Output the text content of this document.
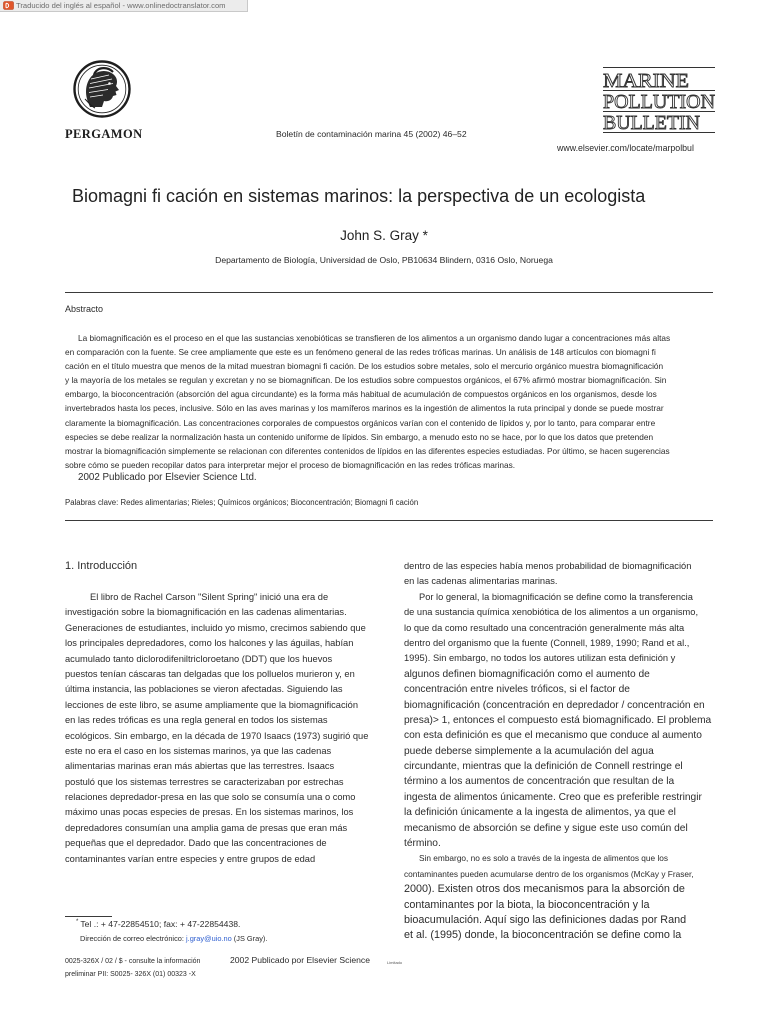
Traducido del inglés al español - www.onlinedoctranslator.com
PERGAMON	Boletín de contaminación marina 45 (2002) 46–52
MARINE
POLLUTION
BULLETIN
www.elsevier.com/locate/marpolbul
Biomagni fi cación en sistemas marinos: la perspectiva de un ecologista
John S. Gray *
Departamento de Biología, Universidad de Oslo, PB10634 Blindern, 0316 Oslo, Noruega
Abstracto
La biomagnificación es el proceso en el que las sustancias xenobióticas se transfieren de los alimentos a un organismo dando lugar a concentraciones más altas
en comparación con la fuente. Se cree ampliamente que este es un fenómeno general de las redes tróficas marinas. Un análisis de 148 artículos con biomagni fi
cación en el título muestra que menos de la mitad muestran biomagni fi cación. De los estudios sobre metales, solo el mercurio orgánico muestra biomagnificación
y la mayoría de los metales se regulan y excretan y no se biomagnifican. De los estudios sobre compuestos orgánicos, el 67% afirmó mostrar biomagnificación. Sin
embargo, la bioconcentración (absorción del agua circundante) es la forma más habitual de acumulación de compuestos orgánicos en los organismos, desde los
invertebrados hasta los peces, inclusive. Sólo en las aves marinas y los mamíferos marinos es la ingestión de alimentos la ruta principal y donde se puede mostrar
claramente la biomagnificación. Las concentraciones corporales de compuestos orgánicos varían con el contenido de lípidos y, por lo tanto, para comparar entre
especies se debe realizar la normalización hasta un contenido uniforme de lípidos. Sin embargo, a menudo esto no se hace, por lo que los datos que pretenden
mostrar la biomagnificación simplemente se relacionan con diferentes contenidos de lípidos en las diferentes especies estudiadas. Por último, se hacen sugerencias
sobre cómo se pueden recopilar datos para interpretar mejor el proceso de biomagnificación en las redes tróficas marinas.
2002 Publicado por Elsevier Science Ltd.
Palabras clave: Redes alimentarias; Rieles; Químicos orgánicos; Bioconcentración; Biomagni fi cación
1. Introducción
El libro de Rachel Carson "Silent Spring" inició una era de
investigación sobre la biomagnificación en las cadenas alimentarias.
Generaciones de estudiantes, incluido yo mismo, crecimos sabiendo que
los principales depredadores, como los halcones y las águilas, habían
acumulado tanto diclorodifeniltricloroetano (DDT) que los huevos
puestos tenían cáscaras tan delgadas que los polluelos murieron y, en
última instancia, las poblaciones se vieron afectadas. Siguiendo las
lecciones de este libro, se asume ampliamente que la biomagnificación
en las redes tróficas es una regla general en todos los sistemas
ecológicos. Sin embargo, en la década de 1970 Isaacs (1973) sugirió que
este no era el caso en los sistemas marinos, ya que las cadenas
alimentarias marinas eran más abiertas que las terrestres. Isaacs
postuló que los sistemas terrestres se caracterizaban por estrechas
relaciones depredador-presa en las que solo se consumía una o como
máximo unas pocas especies de presas. En los sistemas marinos, los
depredadores consumían una amplia gama de presas que eran más
pequeñas que el depredador. Dado que las concentraciones de
contaminantes varían entre especies y entre grupos de edad
dentro de las especies había menos probabilidad de biomagnificación
en las cadenas alimentarias marinas.
Por lo general, la biomagnificación se define como la transferencia
de una sustancia química xenobiótica de los alimentos a un organismo,
lo que da como resultado una concentración generalmente más alta
dentro del organismo que la fuente (Connell, 1989, 1990; Rand et al.,
1995). Sin embargo, no todos los autores utilizan esta definición y
algunos definen biomagnificación como el aumento de
concentración entre niveles tróficos, si el factor de
biomagnificación (concentración en depredador / concentración en
presa)> 1, entonces el compuesto está biomagnificado. El problema
con esta definición es que el mecanismo que conduce al aumento
puede deberse simplemente a la acumulación del agua
circundante, mientras que la definición de Connell restringe el
término a los aumentos de concentración que resultan de la
ingesta de alimentos únicamente. Creo que es preferible restringir
la definición únicamente a la ingesta de alimentos, ya que el
mecanismo de absorción se define y sigue este uso común del
término.
Sin embargo, no es solo a través de la ingesta de alimentos que los
contaminantes pueden acumularse dentro de los organismos (McKay y Fraser,
2000). Existen otros dos mecanismos para la absorción de
contaminantes por la biota, la bioconcentración y la
bioacumulación. Aquí sigo las definiciones dadas por Rand
et al. (1995) donde, la bioconcentración se define como la
* Tel .: + 47-22854510; fax: + 47-22854438.
Dirección de correo electrónico: j.gray@uio.no (JS Gray).
0025-326X / 02 / $ - consulte la información
preliminar PII: S0025- 326X (01) 00323 -X
2002 Publicado por Elsevier Science	Limitado
